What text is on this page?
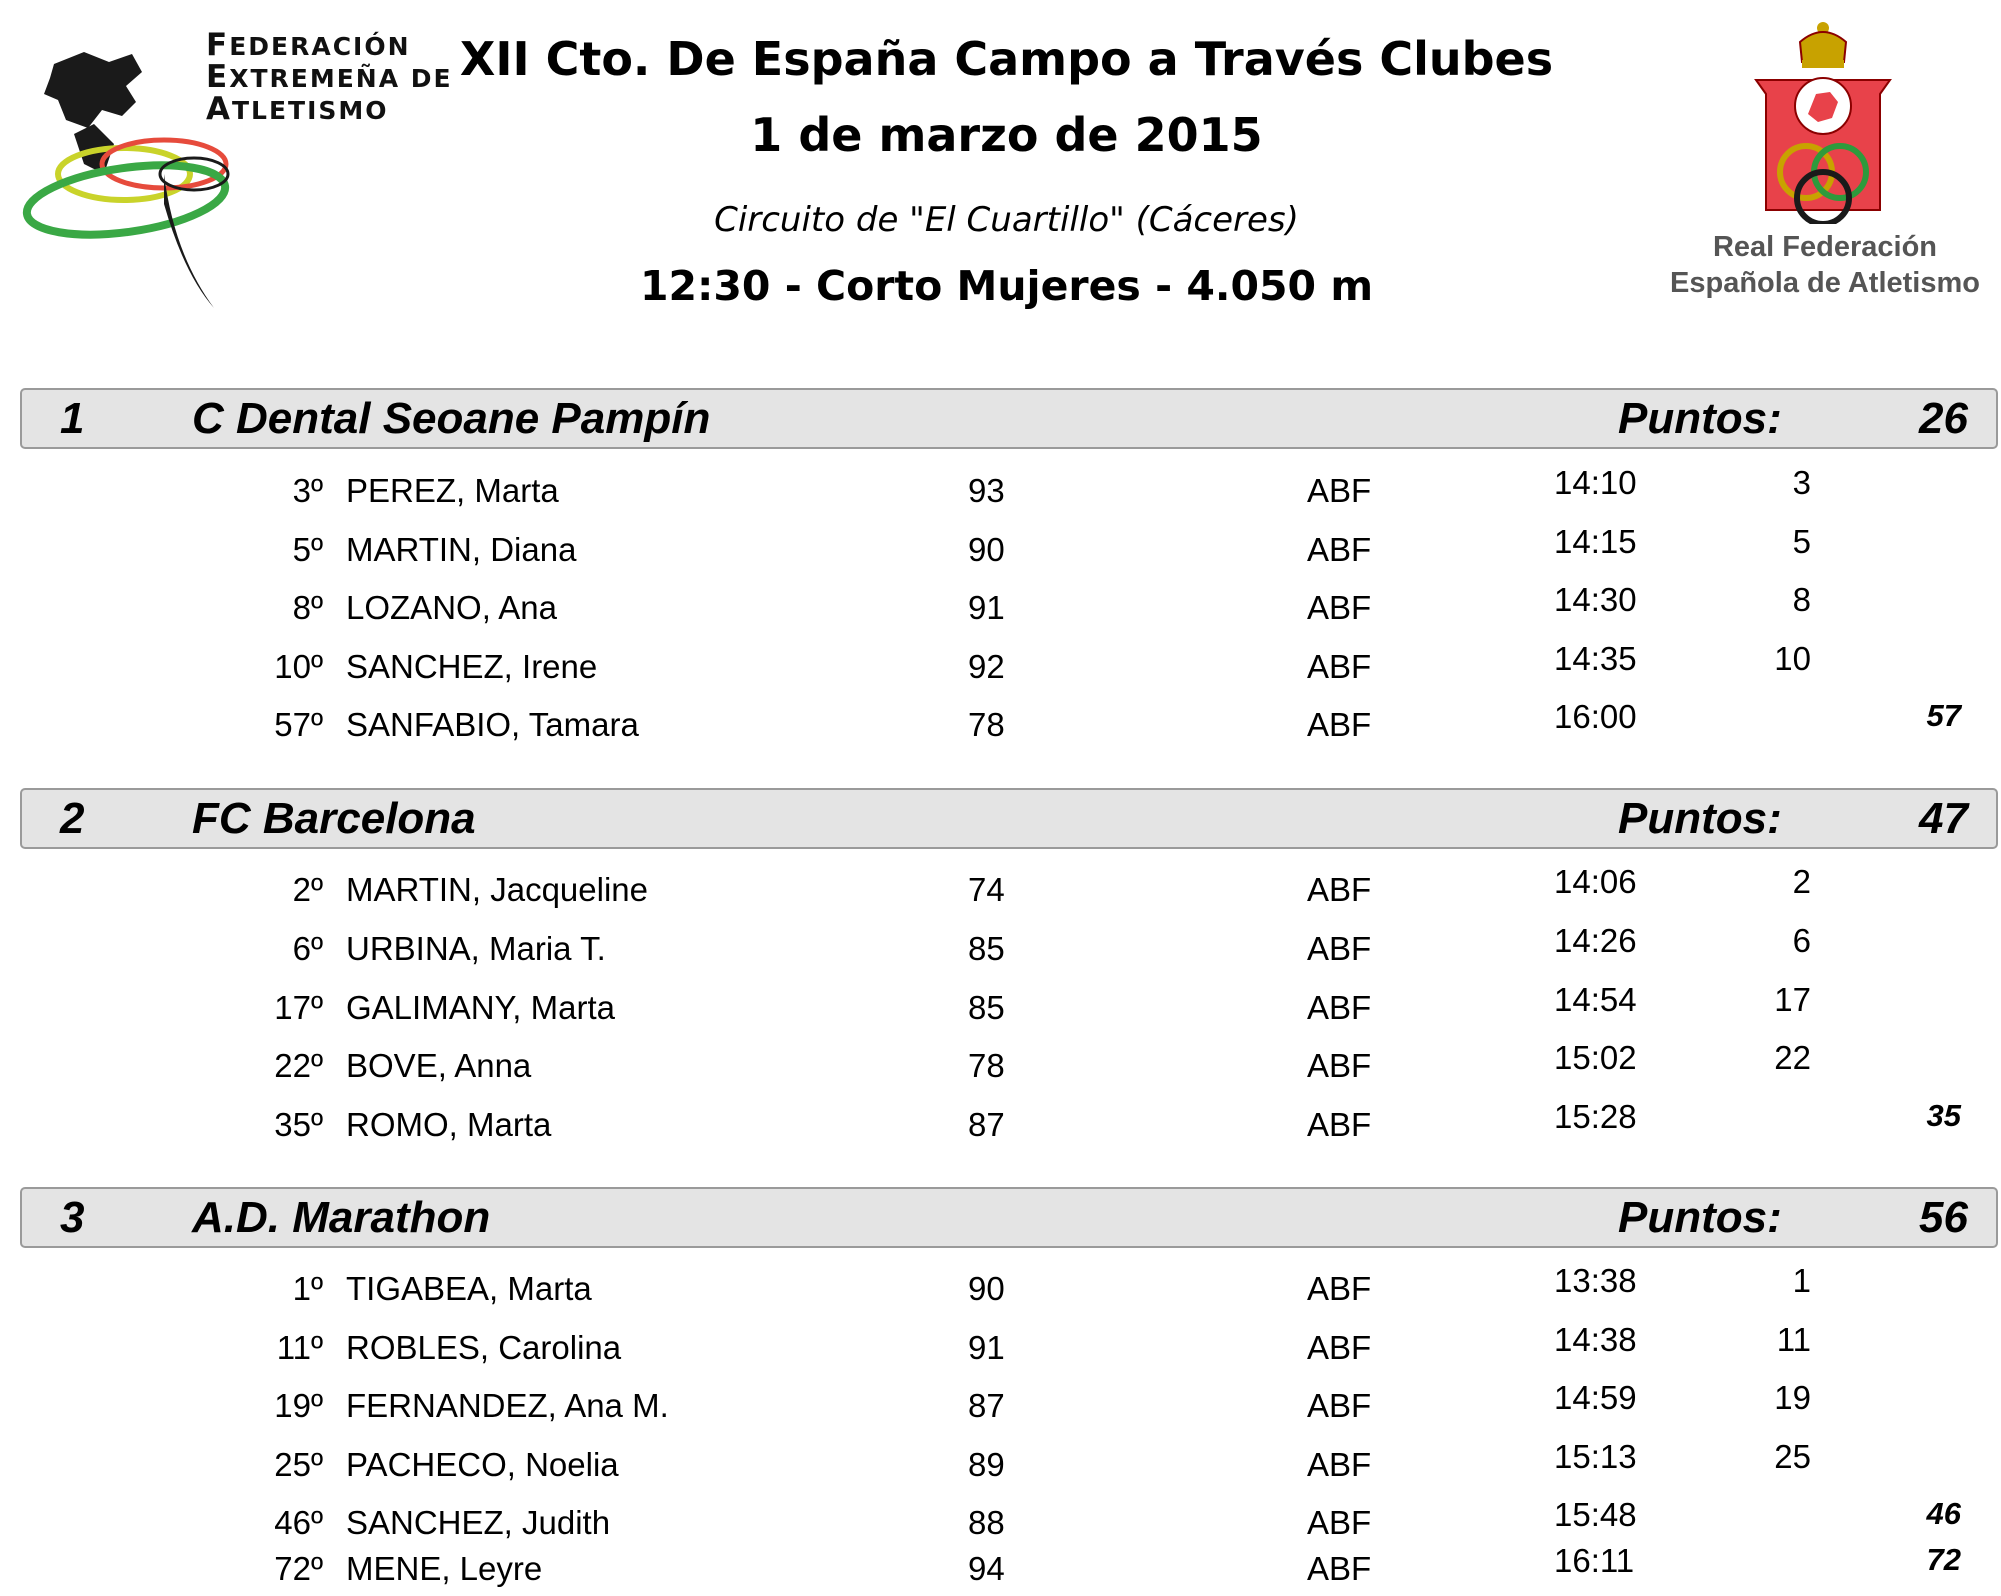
FEDERACIÓN
EXTREMEÑA DE
ATLETISMO
XII Cto. De España Campo a Través Clubes
1 de marzo de 2015
Circuito de "El Cuartillo" (Cáceres)
12:30 - Corto Mujeres - 4.050 m
Real Federación
Española de Atletismo
1 C Dental Seoane Pampín	Puntos:	26
3º PEREZ, Marta	93	ABF	14:10	3
5º MARTIN, Diana	90	ABF	14:15	5
8º LOZANO, Ana	91	ABF	14:30	8
10º SANCHEZ, Irene	92	ABF	14:35	10
57º SANFABIO, Tamara	78	ABF	16:00	57
2 FC Barcelona	Puntos:	47
2º MARTIN, Jacqueline	74	ABF	14:06	2
6º URBINA, Maria T.	85	ABF	14:26	6
17º GALIMANY, Marta	85	ABF	14:54	17
22º BOVE, Anna	78	ABF	15:02	22
35º ROMO, Marta	87	ABF	15:28	35
3 A.D. Marathon	Puntos:	56
1º TIGABEA, Marta	90	ABF	13:38	1
11º ROBLES, Carolina	91	ABF	14:38	11
19º FERNANDEZ, Ana M.	87	ABF	14:59	19
25º PACHECO, Noelia	89	ABF	15:13	25
46º SANCHEZ, Judith	88	ABF	15:48	46
72º MENE, Leyre	94	ABF	16:11	72
